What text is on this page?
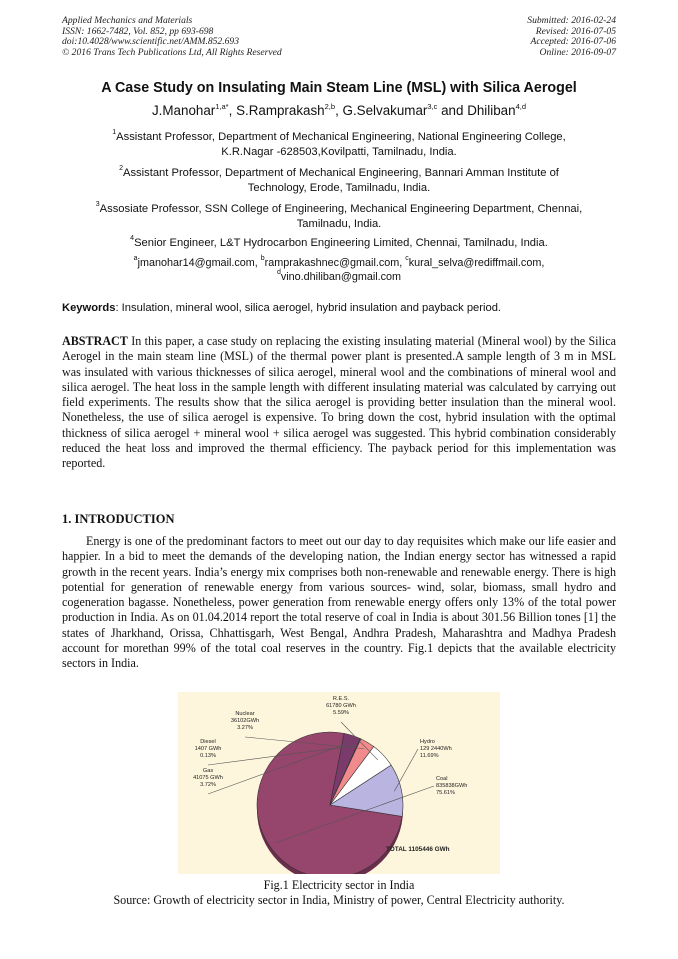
Applied Mechanics and Materials
ISSN: 1662-7482, Vol. 852, pp 693-698
doi:10.4028/www.scientific.net/AMM.852.693
© 2016 Trans Tech Publications Ltd, All Rights Reserved
Submitted: 2016-02-24
Revised: 2016-07-05
Accepted: 2016-07-06
Online: 2016-09-07
A Case Study on Insulating Main Steam Line (MSL) with Silica Aerogel
J.Manohar$^{1,a*}$, S.Ramprakash$^{2,b}$, G.Selvakumar$^{3,c}$ and Dhiliban$^{4,d}$
$^1$Assistant Professor, Department of Mechanical Engineering, National Engineering College,
K.R.Nagar -628503,Kovilpatti, Tamilnadu, India.
$^2$Assistant Professor, Department of Mechanical Engineering, Bannari Amman Institute of
Technology, Erode, Tamilnadu, India.
$^3$Assosiate Professor, SSN College of Engineering, Mechanical Engineering Department, Chennai,
Tamilnadu, India.
$^4$Senior Engineer, L&T Hydrocarbon Engineering Limited, Chennai, Tamilnadu, India.
$^a$jmanohar14@gmail.com, $^b$ramprakashnec@gmail.com, $^c$kural_selva@rediffmail.com,
$^d$vino.dhiliban@gmail.com
Keywords: Insulation, mineral wool, silica aerogel, hybrid insulation and payback period.
ABSTRACT In this paper, a case study on replacing the existing insulating material (Mineral wool) by the Silica Aerogel in the main steam line (MSL) of the thermal power plant is presented.A sample length of 3 m in MSL was insulated with various thicknesses of silica aerogel, mineral wool and the combinations of mineral wool and silica aerogel. The heat loss in the sample length with different insulating material was calculated by carrying out field experiments. The results show that the silica aerogel is providing better insulation than the mineral wool. Nonetheless, the use of silica aerogel is expensive. To bring down the cost, hybrid insulation with the optimal thickness of silica aerogel + mineral wool + silica aerogel was suggested. This hybrid combination considerably reduced the heat loss and improved the thermal efficiency. The payback period for this implementation was reported.
1. INTRODUCTION
Energy is one of the predominant factors to meet out our day to day requisites which make our life easier and happier. In a bid to meet the demands of the developing nation, the Indian energy sector has witnessed a rapid growth in the recent years. India’s energy mix comprises both non-renewable and renewable energy. There is high potential for generation of renewable energy from various sources- wind, solar, biomass, small hydro and cogeneration bagasse. Nonetheless, power generation from renewable energy offers only 13% of the total power production in India. As on 01.04.2014 report the total reserve of coal in India is about 301.56 Billion tones [1] the states of Jharkhand, Orissa, Chhattisgarh, West Bengal, Andhra Pradesh, Maharashtra and Madhya Pradesh account for morethan 99% of the total coal reserves in the country. Fig.1 depicts that the available electricity sectors in India.
Coal
835838GWh
75.61%
Gas
41075 GWh
3.72%
Diesel
1407 GWh
0.13%
Nuclear
36102GWh
3.27%
R.E.S.
61780 GWh
5.59%
Hydro
129 2440Wh
11.69%
TOTAL 1105446 GWh
Fig.1 Electricity sector in India
Source: Growth of electricity sector in India, Ministry of power, Central Electricity authority.
